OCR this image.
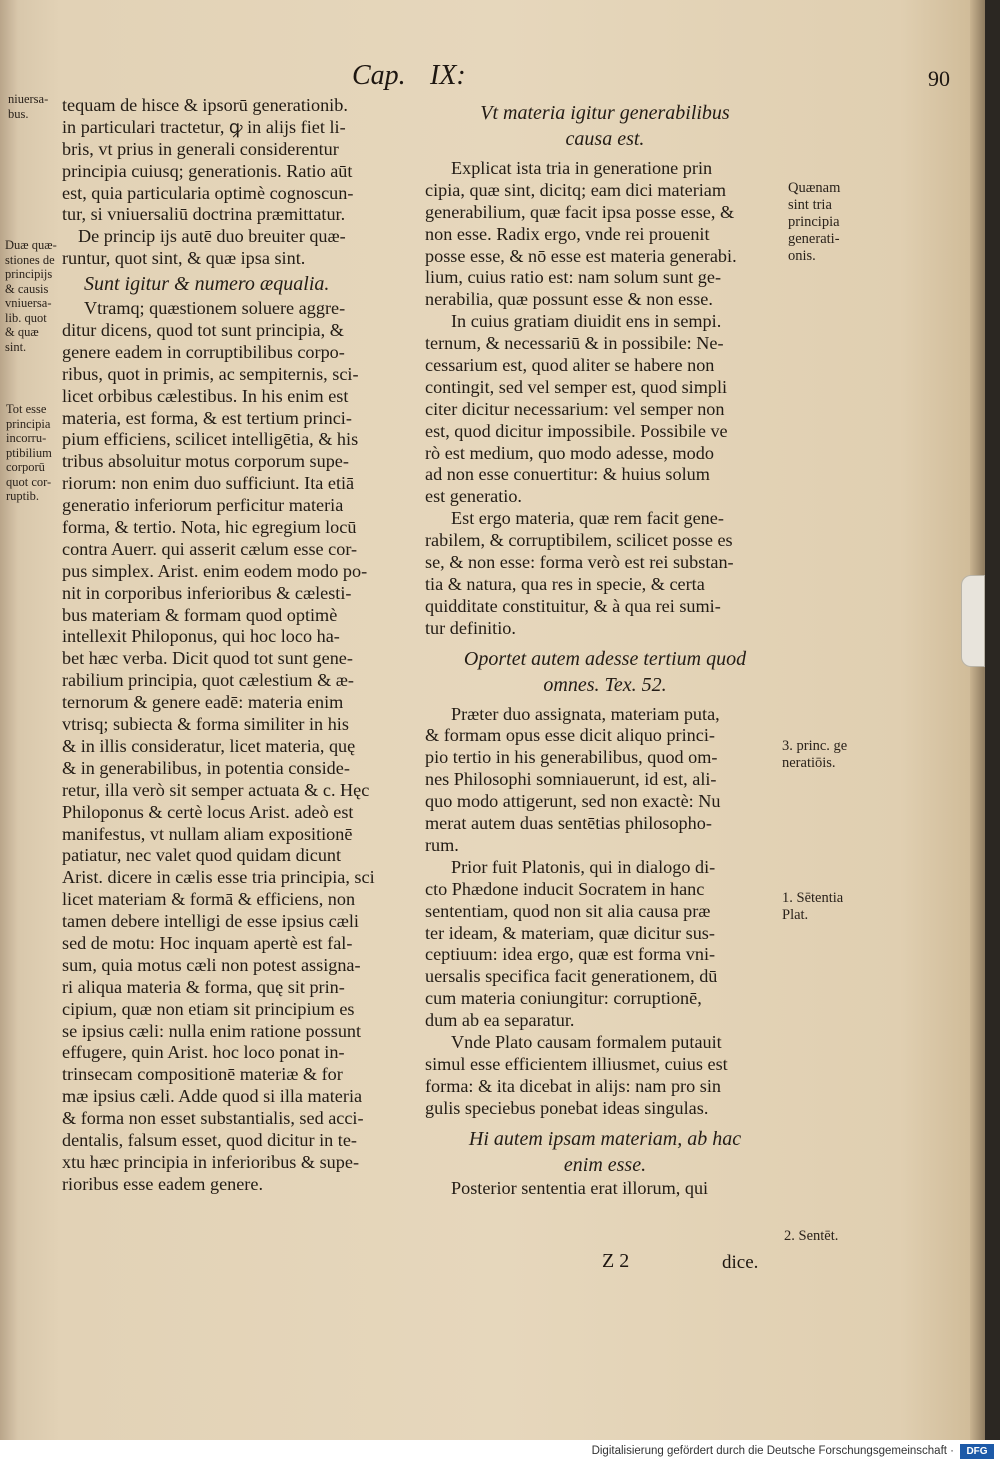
Cap. IX:	90
niuersa-
bus.
Duæ quæ-
stiones de
principijs
& causis
vniuersa-
lib. quot
& quæ
sint.
Tot esse
principia
incorru-
ptibilium
corporū
quot cor-
ruptib.
tequam de hisce & ipsorū generationib.
in particulari tractetur, ꝙ in alijs fiet li-
bris, vt prius in generali considerentur
principia cuiusq; generationis. Ratio aūt
est, quia particularia optimè cognoscun-
tur, si vniuersaliū doctrina præmittatur.
De princip ijs autē duo breuiter quæ-
runtur, quot sint, & quæ ipsa sint.
Sunt igitur & numero æqualia.
Vtramq; quæstionem soluere aggre-
ditur dicens, quod tot sunt principia, &
genere eadem in corruptibilibus corpo-
ribus, quot in primis, ac sempiternis, sci-
licet orbibus cælestibus. In his enim est
materia, est forma, & est tertium princi-
pium efficiens, scilicet intelligētia, & his
tribus absoluitur motus corporum supe-
riorum: non enim duo sufficiunt. Ita etiā
generatio inferiorum perficitur materia
forma, & tertio. Nota, hic egregium locū
contra Auerr. qui asserit cælum esse cor-
pus simplex. Arist. enim eodem modo po-
nit in corporibus inferioribus & cælesti-
bus materiam & formam quod optimè
intellexit Philoponus, qui hoc loco ha-
bet hæc verba. Dicit quod tot sunt gene-
rabilium principia, quot cælestium & æ-
ternorum & genere eadē: materia enim
vtrisq; subiecta & forma similiter in his
& in illis consideratur, licet materia, quę
& in generabilibus, in potentia conside-
retur, illa verò sit semper actuata & c. Hęc
Philoponus & certè locus Arist. adeò est
manifestus, vt nullam aliam expositionē
patiatur, nec valet quod quidam dicunt
Arist. dicere in cælis esse tria principia, sci
licet materiam & formā & efficiens, non
tamen debere intelligi de esse ipsius cæli
sed de motu: Hoc inquam apertè est fal-
sum, quia motus cæli non potest assigna-
ri aliqua materia & forma, quę sit prin-
cipium, quæ non etiam sit principium es
se ipsius cæli: nulla enim ratione possunt
effugere, quin Arist. hoc loco ponat in-
trinsecam compositionē materiæ & for
mæ ipsius cæli. Adde quod si illa materia
& forma non esset substantialis, sed acci-
dentalis, falsum esset, quod dicitur in te-
xtu hæc principia in inferioribus & supe-
rioribus esse eadem genere.
Vt materia igitur generabilibus
causa est.
Explicat ista tria in generatione prin
cipia, quæ sint, dicitq; eam dici materiam
generabilium, quæ facit ipsa posse esse, &
non esse. Radix ergo, vnde rei prouenit
posse esse, & nō esse est materia generabi.
lium, cuius ratio est: nam solum sunt ge-
nerabilia, quæ possunt esse & non esse.
In cuius gratiam diuidit ens in sempi.
ternum, & necessariū & in possibile: Ne-
cessarium est, quod aliter se habere non
contingit, sed vel semper est, quod simpli
citer dicitur necessarium: vel semper non
est, quod dicitur impossibile. Possibile ve
rò est medium, quo modo adesse, modo
ad non esse conuertitur: & huius solum
est generatio.
Est ergo materia, quæ rem facit gene-
rabilem, & corruptibilem, scilicet posse es
se, & non esse: forma verò est rei substan-
tia & natura, qua res in specie, & certa
quidditate constituitur, & à qua rei sumi-
tur definitio.
Oportet autem adesse tertium quod
omnes. Tex. 52.
Præter duo assignata, materiam puta,
& formam opus esse dicit aliquo princi-
pio tertio in his generabilibus, quod om-
nes Philosophi somniauerunt, id est, ali-
quo modo attigerunt, sed non exactè: Nu
merat autem duas sentētias philosopho-
rum.
Prior fuit Platonis, qui in dialogo di-
cto Phædone inducit Socratem in hanc
sententiam, quod non sit alia causa præ
ter ideam, & materiam, quæ dicitur sus-
ceptiuum: idea ergo, quæ est forma vni-
uersalis specifica facit generationem, dū
cum materia coniungitur: corruptionē,
dum ab ea separatur.
Vnde Plato causam formalem putauit
simul esse efficientem illiusmet, cuius est
forma: & ita dicebat in alijs: nam pro sin
gulis speciebus ponebat ideas singulas.
Hi autem ipsam materiam, ab hac
enim esse.
Posterior sententia erat illorum, qui
Quænam
sint tria
principia
generati-
onis.
3. princ. ge
neratiōis.
1. Sētentia
Plat.
2. Sentēt.
Z 2	dice.
Digitalisierung gefördert durch die Deutsche Forschungsgemeinschaft ·	DFG
